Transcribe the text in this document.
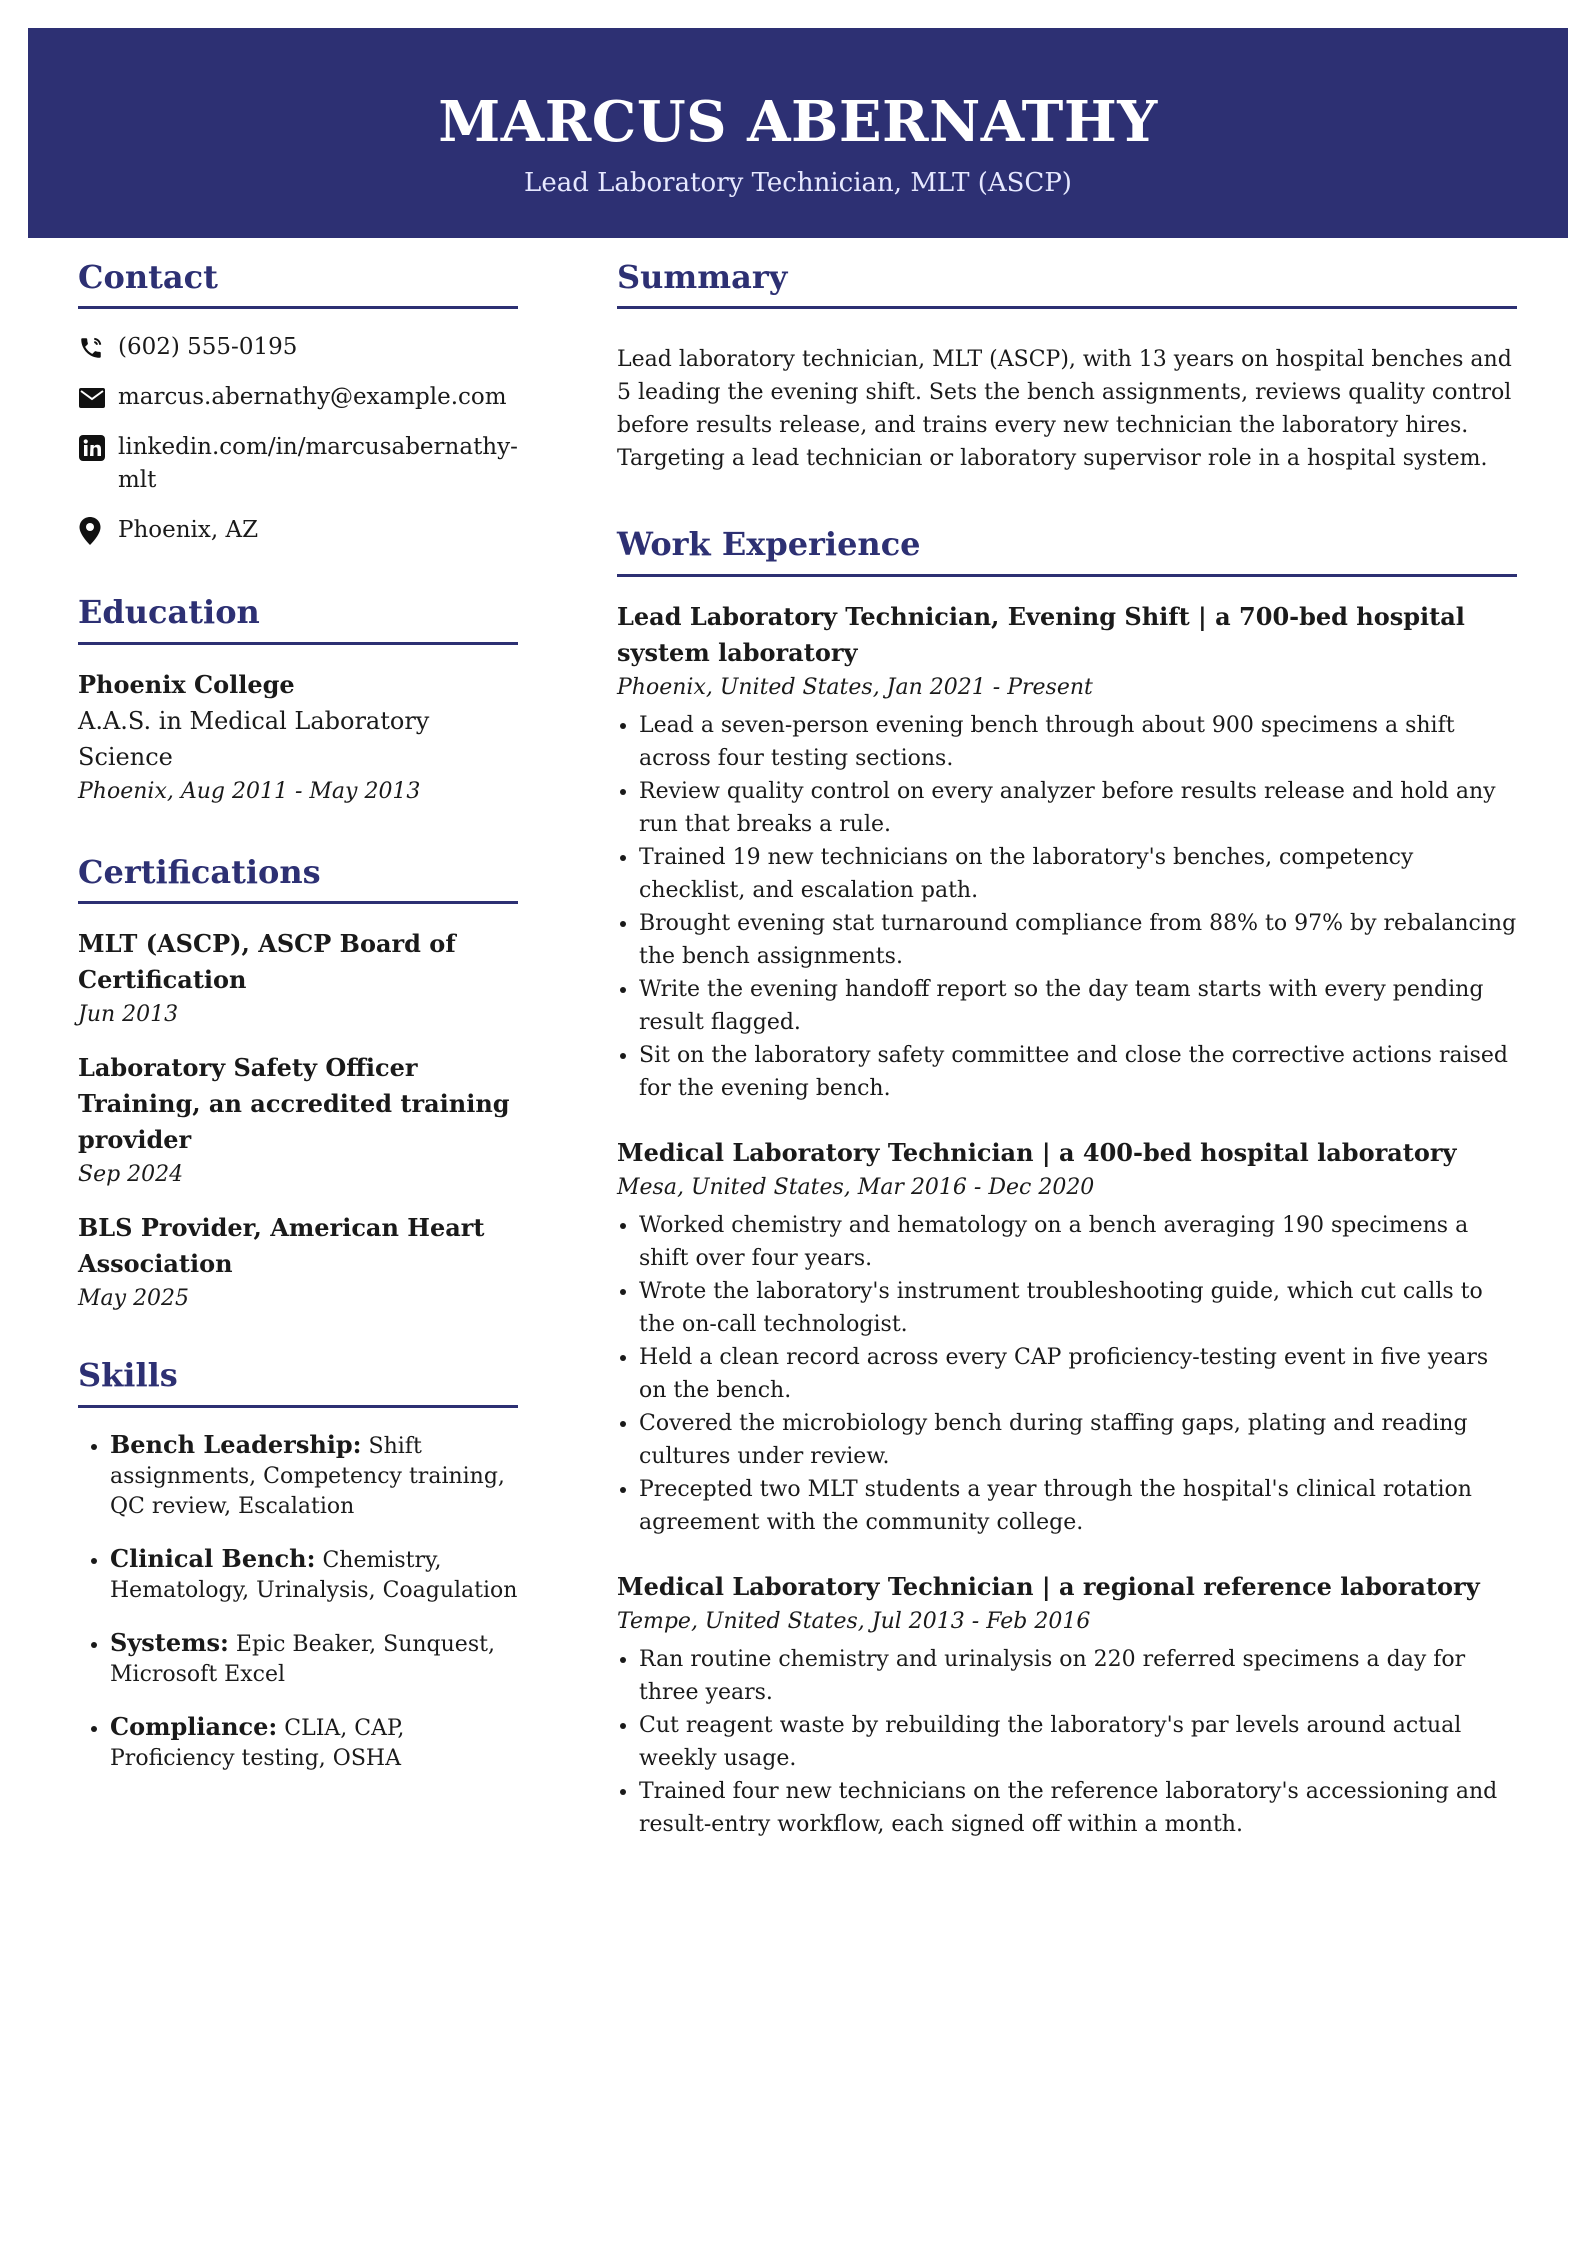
MARCUS ABERNATHY
Lead Laboratory Technician, MLT (ASCP)
Contact
(602) 555-0195
marcus.abernathy@example.com
linkedin.com/in/marcusabernathy-mlt
Phoenix, AZ
Education
Phoenix College
A.A.S. in Medical Laboratory Science
Phoenix, Aug 2011 - May 2013
Certifications
MLT (ASCP), ASCP Board of Certification
Jun 2013
Laboratory Safety Officer Training, an accredited training provider
Sep 2024
BLS Provider, American Heart Association
May 2025
Skills
• Bench Leadership: Shift assignments, Competency training, QC review, Escalation
• Clinical Bench: Chemistry, Hematology, Urinalysis, Coagulation
• Systems: Epic Beaker, Sunquest, Microsoft Excel
• Compliance: CLIA, CAP, Proficiency testing, OSHA
Summary

Lead laboratory technician, MLT (ASCP), with 13 years on hospital benches and 5 leading the evening shift. Sets the bench assignments, reviews quality control before results release, and trains every new technician the laboratory hires. Targeting a lead technician or laboratory supervisor role in a hospital system.

Work Experience
Lead Laboratory Technician, Evening Shift | a 700-bed hospital system laboratory
Phoenix, United States, Jan 2021 - Present
• Lead a seven-person evening bench through about 900 specimens a shift across four testing sections.
• Review quality control on every analyzer before results release and hold any run that breaks a rule.
• Trained 19 new technicians on the laboratory's benches, competency checklist, and escalation path.
• Brought evening stat turnaround compliance from 88% to 97% by rebalancing the bench assignments.
• Write the evening handoff report so the day team starts with every pending result flagged.
• Sit on the laboratory safety committee and close the corrective actions raised for the evening bench.
Medical Laboratory Technician | a 400-bed hospital laboratory
Mesa, United States, Mar 2016 - Dec 2020
• Worked chemistry and hematology on a bench averaging 190 specimens a shift over four years.
• Wrote the laboratory's instrument troubleshooting guide, which cut calls to the on-call technologist.
• Held a clean record across every CAP proficiency-testing event in five years on the bench.
• Covered the microbiology bench during staffing gaps, plating and reading cultures under review.
• Precepted two MLT students a year through the hospital's clinical rotation agreement with the community college.
Medical Laboratory Technician | a regional reference laboratory
Tempe, United States, Jul 2013 - Feb 2016
• Ran routine chemistry and urinalysis on 220 referred specimens a day for three years.
• Cut reagent waste by rebuilding the laboratory's par levels around actual weekly usage.
• Trained four new technicians on the reference laboratory's accessioning and result-entry workflow, each signed off within a month.
